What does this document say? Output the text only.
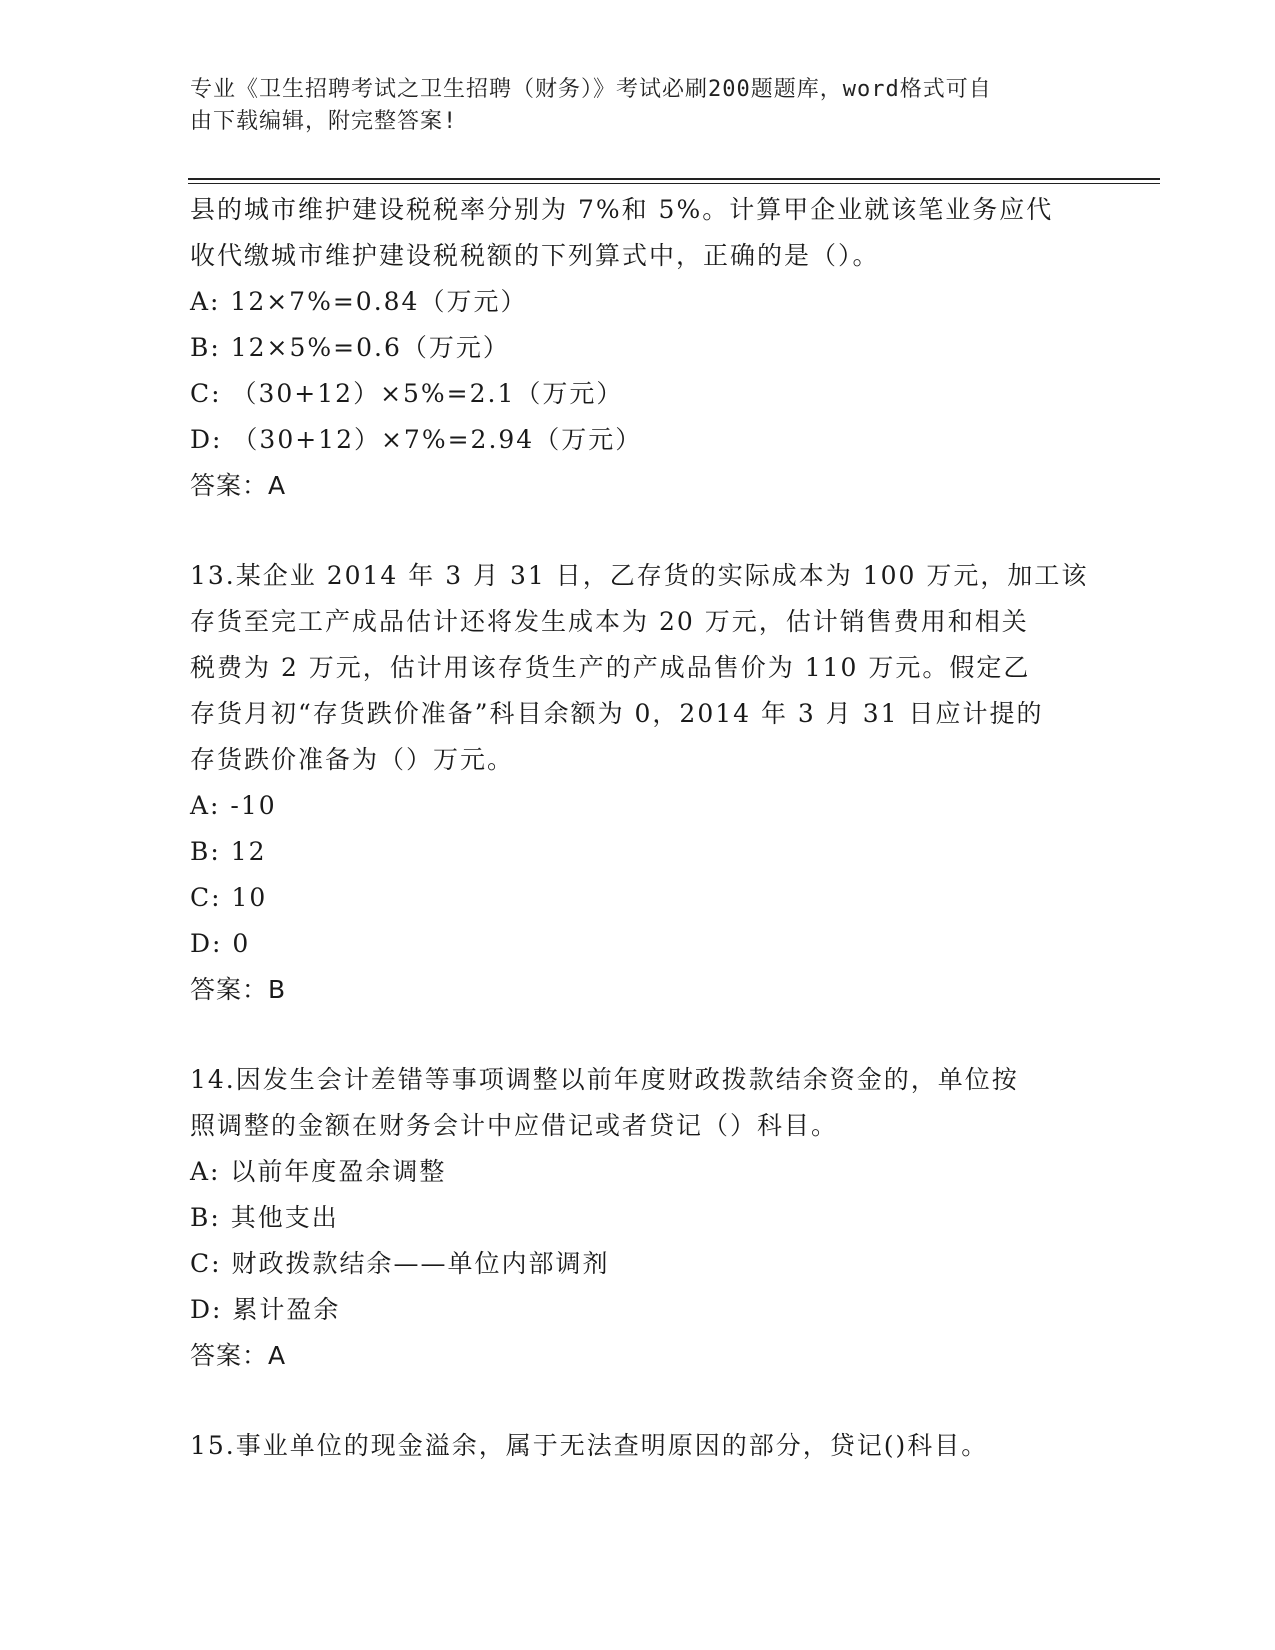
专业《卫生招聘考试之卫生招聘（财务）》考试必刷200题题库，word格式可自
由下载编辑，附完整答案!
县的城市维护建设税税率分别为 7%和 5%。计算甲企业就该笔业务应代
收代缴城市维护建设税税额的下列算式中，正确的是（）。
A: 12×7%=0.84（万元）
B: 12×5%=0.6（万元）
C: （30+12）×5%=2.1（万元）
D: （30+12）×7%=2.94（万元）
答案：A
13.某企业 2014 年 3 月 31 日，乙存货的实际成本为 100 万元，加工该
存货至完工产成品估计还将发生成本为 20 万元，估计销售费用和相关
税费为 2 万元，估计用该存货生产的产成品售价为 110 万元。假定乙
存货月初“存货跌价准备”科目余额为 0，2014 年 3 月 31 日应计提的
存货跌价准备为（）万元。
A: -10
B: 12
C: 10
D: 0
答案：B
14.因发生会计差错等事项调整以前年度财政拨款结余资金的，单位按
照调整的金额在财务会计中应借记或者贷记（）科目。
A: 以前年度盈余调整
B: 其他支出
C: 财政拨款结余——单位内部调剂
D: 累计盈余
答案：A
15.事业单位的现金溢余，属于无法查明原因的部分，贷记()科目。
